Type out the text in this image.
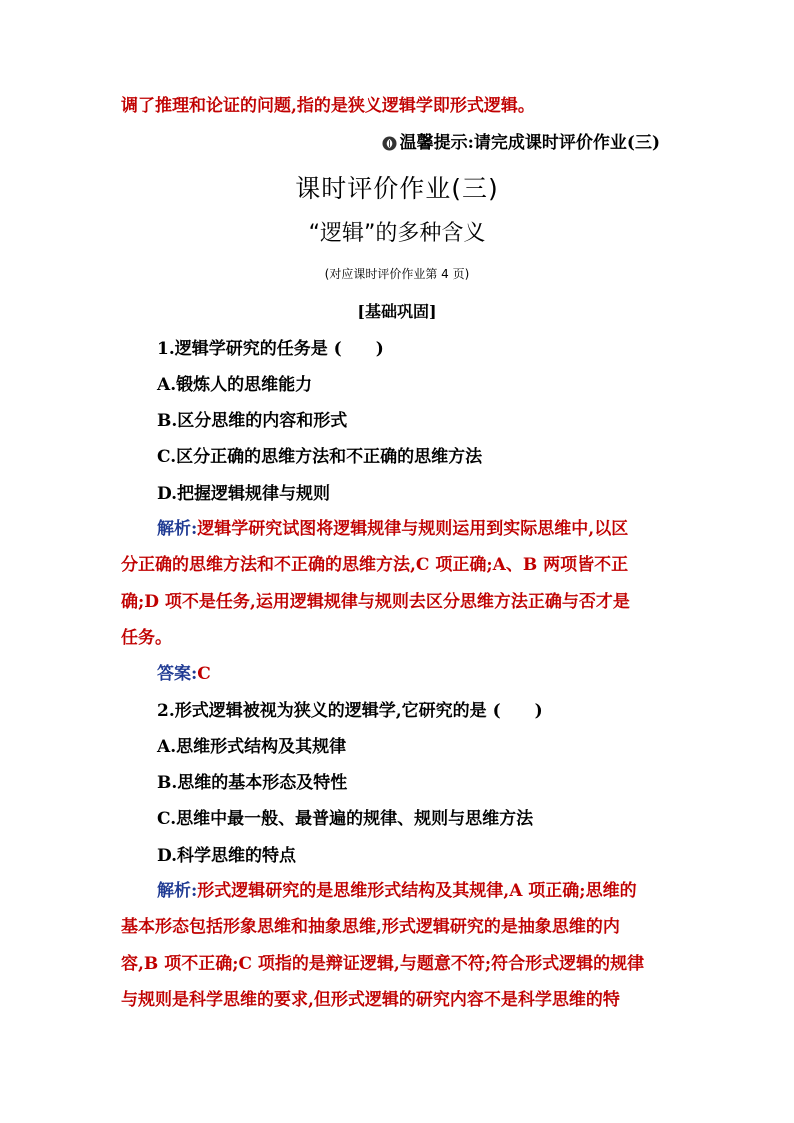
调了推理和论证的问题,指的是狭义逻辑学即形式逻辑。
温馨提示:请完成课时评价作业(三)
课时评价作业(三)
“逻辑”的多种含义
(对应课时评价作业第 4 页)
[基础巩固]
1.逻辑学研究的任务是 (　　)
A.锻炼人的思维能力
B.区分思维的内容和形式
C.区分正确的思维方法和不正确的思维方法
D.把握逻辑规律与规则
解析:逻辑学研究试图将逻辑规律与规则运用到实际思维中,以区
分正确的思维方法和不正确的思维方法,C 项正确;A、B 两项皆不正
确;D 项不是任务,运用逻辑规律与规则去区分思维方法正确与否才是
任务。
答案:C
2.形式逻辑被视为狭义的逻辑学,它研究的是 (　　)
A.思维形式结构及其规律
B.思维的基本形态及特性
C.思维中最一般、最普遍的规律、规则与思维方法
D.科学思维的特点
解析:形式逻辑研究的是思维形式结构及其规律,A 项正确;思维的
基本形态包括形象思维和抽象思维,形式逻辑研究的是抽象思维的内
容,B 项不正确;C 项指的是辩证逻辑,与题意不符;符合形式逻辑的规律
与规则是科学思维的要求,但形式逻辑的研究内容不是科学思维的特
